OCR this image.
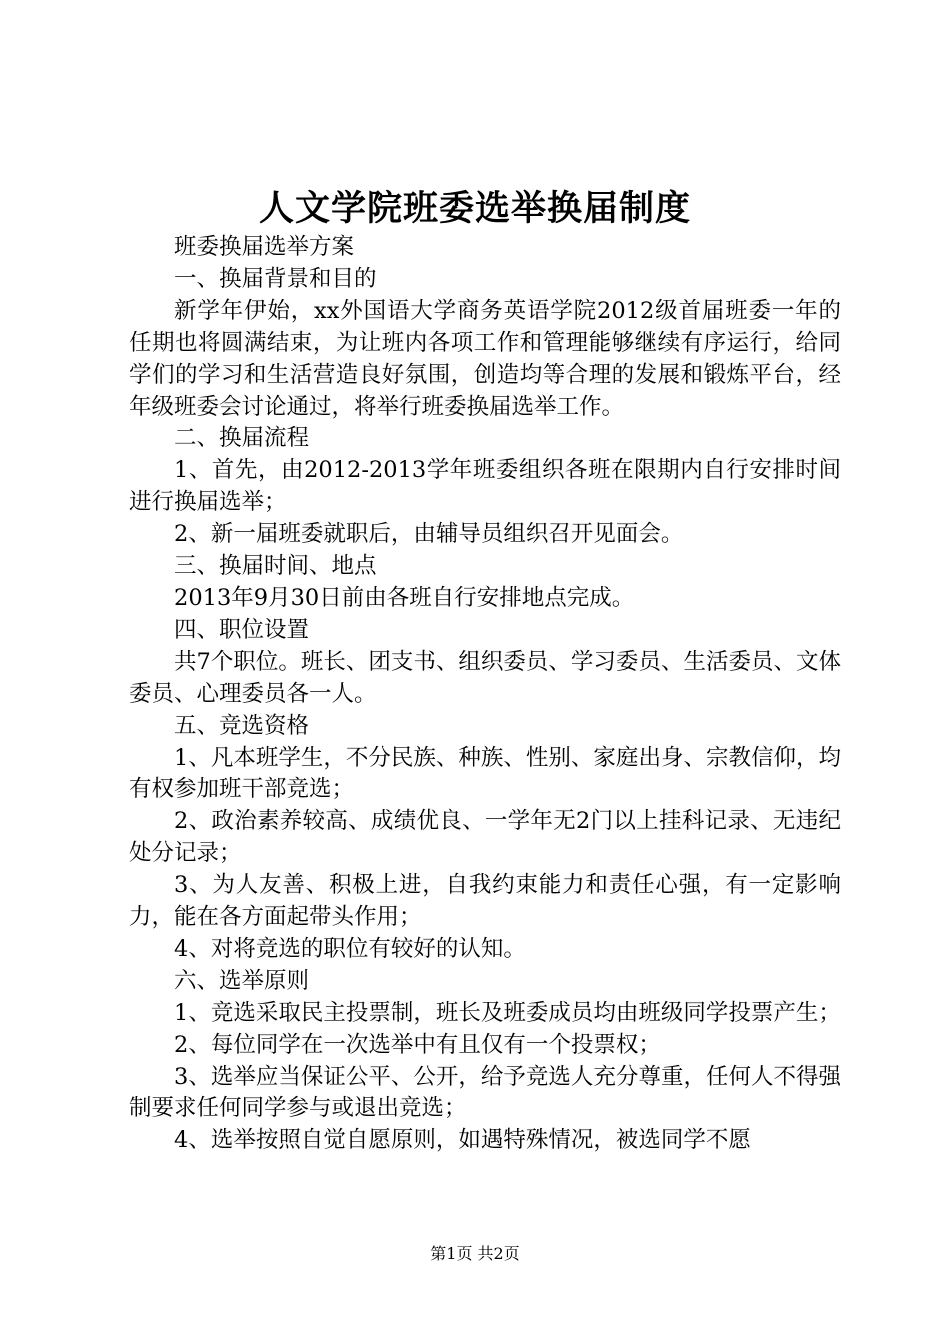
人文学院班委选举换届制度

班委换届选举方案

一、换届背景和目的

新学年伊始，xx外国语大学商务英语学院2012级首届班委一年的任期也将圆满结束，为让班内各项工作和管理能够继续有序运行，给同学们的学习和生活营造良好氛围，创造均等合理的发展和锻炼平台，经年级班委会讨论通过，将举行班委换届选举工作。

二、换届流程

1、首先，由2012-2013学年班委组织各班在限期内自行安排时间进行换届选举；

2、新一届班委就职后，由辅导员组织召开见面会。

三、换届时间、地点

2013年9月30日前由各班自行安排地点完成。

四、职位设置

共7个职位。班长、团支书、组织委员、学习委员、生活委员、文体委员、心理委员各一人。

五、竞选资格

1、凡本班学生，不分民族、种族、性别、家庭出身、宗教信仰，均有权参加班干部竞选；

2、政治素养较高、成绩优良、一学年无2门以上挂科记录、无违纪处分记录；

3、为人友善、积极上进，自我约束能力和责任心强，有一定影响力，能在各方面起带头作用；

4、对将竞选的职位有较好的认知。

六、选举原则

1、竞选采取民主投票制，班长及班委成员均由班级同学投票产生；

2、每位同学在一次选举中有且仅有一个投票权；

3、选举应当保证公平、公开，给予竞选人充分尊重，任何人不得强制要求任何同学参与或退出竞选；

4、选举按照自觉自愿原则，如遇特殊情况，被选同学不愿

第1页 共2页
